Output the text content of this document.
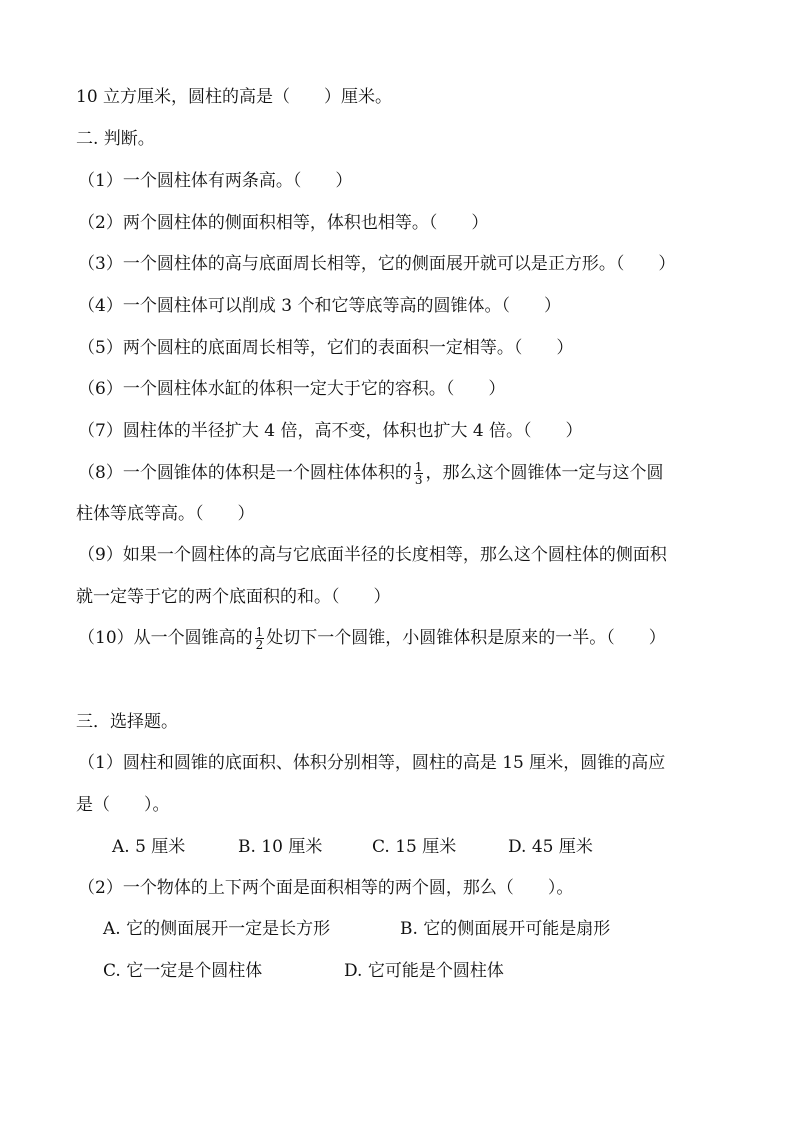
10 立方厘米，圆柱的高是（　　）厘米。
二. 判断。
（1）一个圆柱体有两条高。（　　）
（2）两个圆柱体的侧面积相等，体积也相等。（　　）
（3）一个圆柱体的高与底面周长相等，它的侧面展开就可以是正方形。（　　）
（4）一个圆柱体可以削成 3 个和它等底等高的圆锥体。（　　）
（5）两个圆柱的底面周长相等，它们的表面积一定相等。（　　）
（6）一个圆柱体水缸的体积一定大于它的容积。（　　）
（7）圆柱体的半径扩大 4 倍，高不变，体积也扩大 4 倍。（　　）
（8）一个圆锥体的体积是一个圆柱体体积的 $\frac{1}{3}$ ，那么这个圆锥体一定与这个圆
柱体等底等高。（　　）
（9）如果一个圆柱体的高与它底面半径的长度相等，那么这个圆柱体的侧面积
就一定等于它的两个底面积的和。（　　）
（10）从一个圆锥高的 $\frac{1}{2}$ 处切下一个圆锥，小圆锥体积是原来的一半。（　　）
三．选择题。
（1）圆柱和圆锥的底面积、体积分别相等，圆柱的高是 15 厘米，圆锥的高应
是（　　）。
A. 5 厘米	B. 10 厘米	C. 15 厘米	D. 45 厘米
（2）一个物体的上下两个面是面积相等的两个圆，那么（　　）。
A. 它的侧面展开一定是长方形	B. 它的侧面展开可能是扇形
C. 它一定是个圆柱体	D. 它可能是个圆柱体
